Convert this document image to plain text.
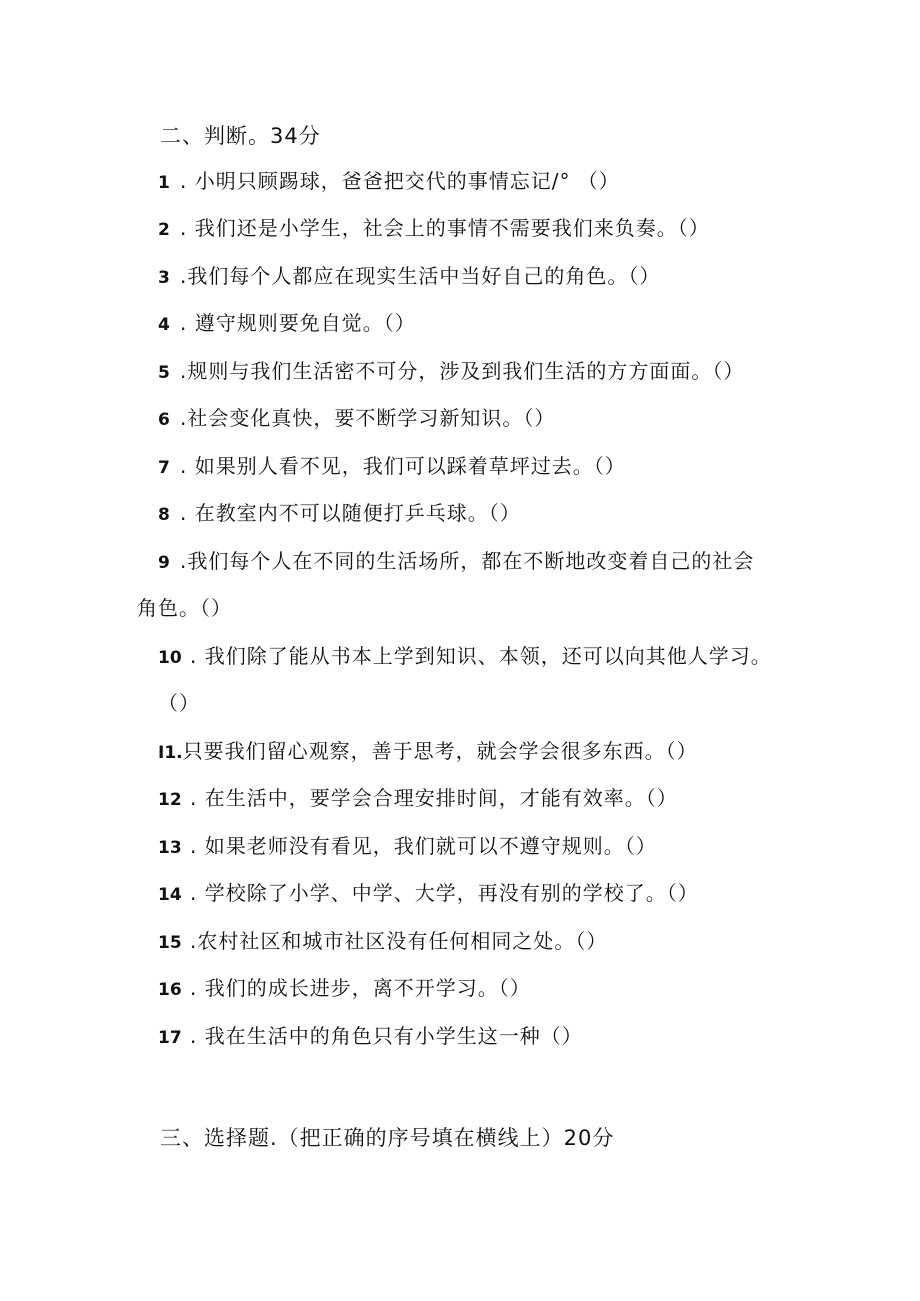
二、判断。34分
1 . 小明只顾踢球，爸爸把交代的事情忘记/° （）
2 . 我们还是小学生，社会上的事情不需要我们来负奏。（）
3 .我们每个人都应在现实生活中当好自己的角色。（）
4 . 遵守规则要免自觉。（）
5 .规则与我们生活密不可分，涉及到我们生活的方方面面。（）
6 .社会变化真快，要不断学习新知识。（）
7 . 如果别人看不见，我们可以踩着草坪过去。（）
8 . 在教室内不可以随便打乒乓球。（）
9 .我们每个人在不同的生活场所，都在不断地改变着自己的社会
角色。（）
10 . 我们除了能从书本上学到知识、本领，还可以向其他人学习。
（）
I1.只要我们留心观察，善于思考，就会学会很多东西。（）
12 . 在生活中，要学会合理安排时间，才能有效率。（）
13 . 如果老师没有看见，我们就可以不遵守规则。（）
14 . 学校除了小学、中学、大学，再没有别的学校了。（）
15 .农村社区和城市社区没有任何相同之处。（）
16 . 我们的成长进步，离不开学习。（）
17 . 我在生活中的角色只有小学生这一种（）
三、选择题.（把正确的序号填在横线上）20分
